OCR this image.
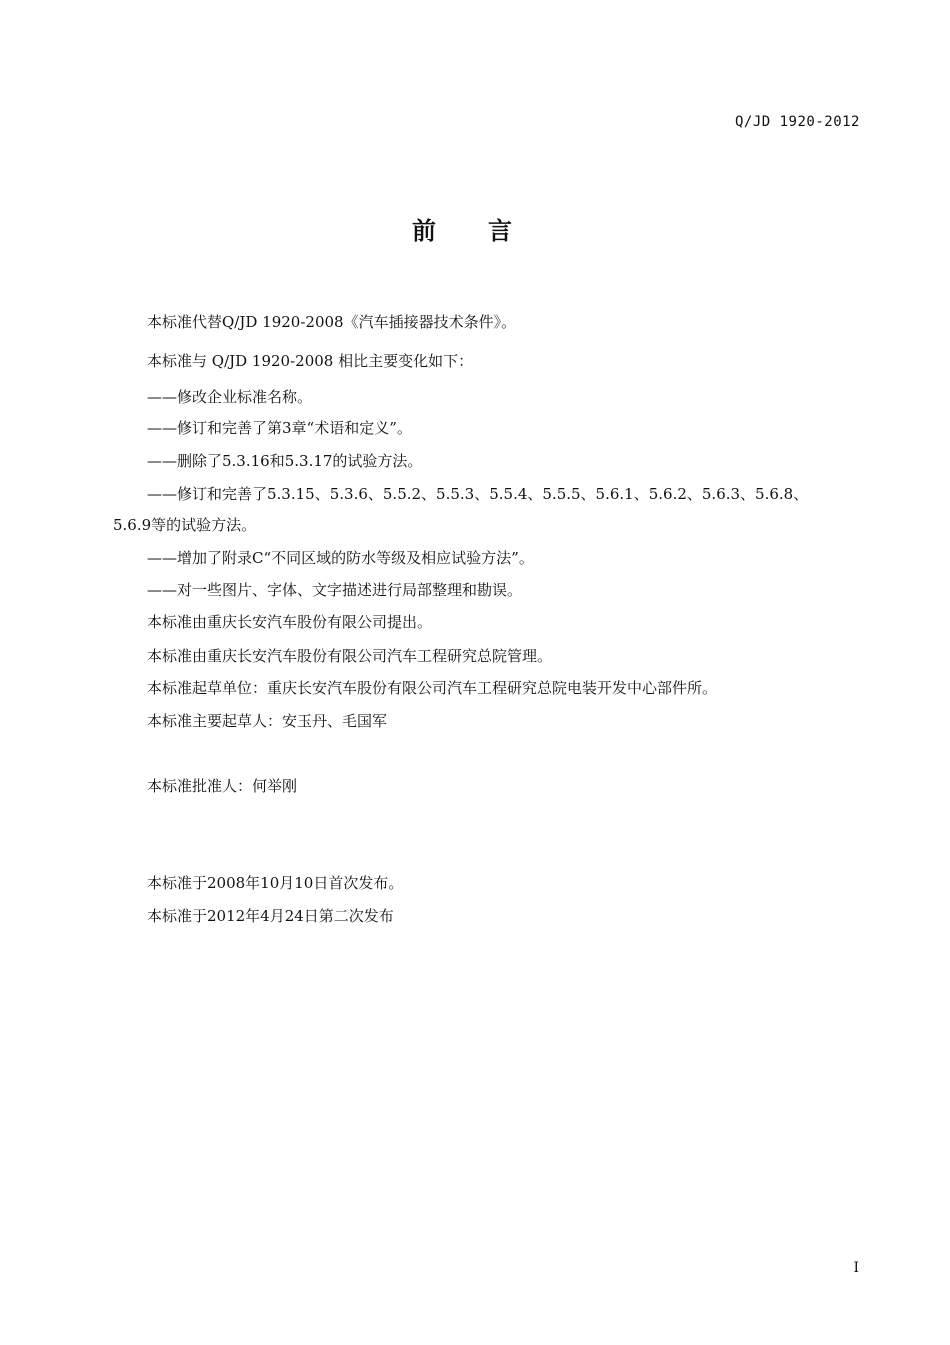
Q/JD 1920-2012
前言
本标准代替Q/JD 1920-2008《汽车插接器技术条件》。
本标准与 Q/JD 1920-2008 相比主要变化如下：
——修改企业标准名称。
——修订和完善了第3章“术语和定义”。
——删除了5.3.16和5.3.17的试验方法。
——修订和完善了5.3.15、5.3.6、5.5.2、5.5.3、5.5.4、5.5.5、5.6.1、5.6.2、5.6.3、5.6.8、
5.6.9等的试验方法。
——增加了附录C“不同区域的防水等级及相应试验方法”。
——对一些图片、字体、文字描述进行局部整理和勘误。
本标准由重庆长安汽车股份有限公司提出。
本标准由重庆长安汽车股份有限公司汽车工程研究总院管理。
本标准起草单位：重庆长安汽车股份有限公司汽车工程研究总院电装开发中心部件所。
本标准主要起草人：安玉丹、毛国军
本标准批准人：何举刚
本标准于2008年10月10日首次发布。
本标准于2012年4月24日第二次发布
I
